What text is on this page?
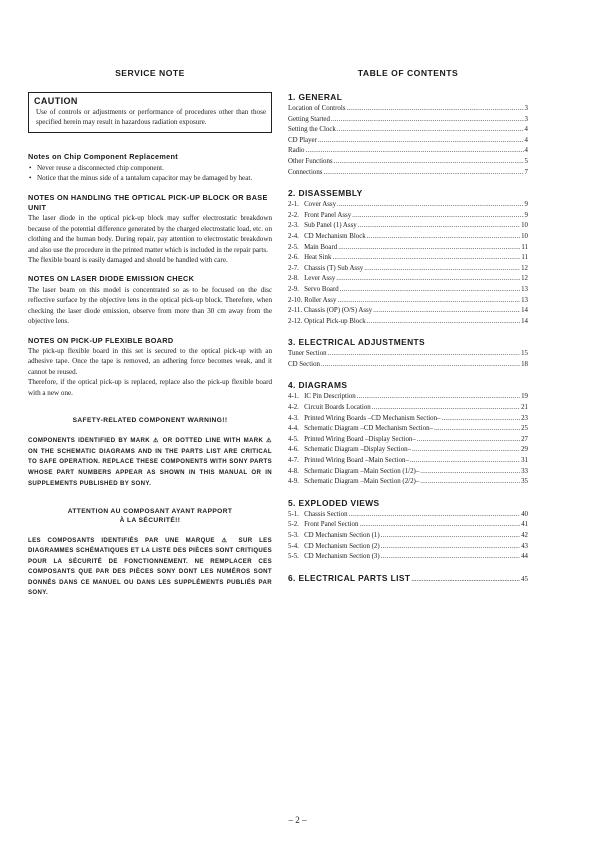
SERVICE NOTE
CAUTION

Use of controls or adjustments or performance of procedures other than those specified herein may result in hazardous radiation exposure.

Notes on Chip Component Replacement
• Never reuse a disconnected chip component.
• Notice that the minus side of a tantalum capacitor may be damaged by heat.
NOTES ON HANDLING THE OPTICAL PICK-UP BLOCK OR BASE UNIT

The laser diode in the optical pick-up block may suffer electrostatic breakdown because of the potential difference generated by the charged electrostatic load, etc. on clothing and the human body. During repair, pay attention to electrostatic breakdown and also use the procedure in the printed matter which is included in the repair parts.

The flexible board is easily damaged and should be handled with care.

NOTES ON LASER DIODE EMISSION CHECK

The laser beam on this model is concentrated so as to be focused on the disc reflective surface by the objective lens in the optical pick-up block. Therefore, when checking the laser diode emission, observe from more than 30 cm away from the objective lens.

NOTES ON PICK-UP FLEXIBLE BOARD

The pick-up flexible board in this set is secured to the optical pick-up with an adhesive tape. Once the tape is removed, an adhering force becomes weak, and it cannot be reused.

Therefore, if the optical pick-up is replaced, replace also the pick-up flexible board with a new one.

SAFETY-RELATED COMPONENT WARNING!!

COMPONENTS IDENTIFIED BY MARK ⚠ OR DOTTED LINE WITH MARK ⚠ ON THE SCHEMATIC DIAGRAMS AND IN THE PARTS LIST ARE CRITICAL TO SAFE OPERATION. REPLACE THESE COMPONENTS WITH SONY PARTS WHOSE PART NUMBERS APPEAR AS SHOWN IN THIS MANUAL OR IN SUPPLEMENTS PUBLISHED BY SONY.

ATTENTION AU COMPOSANT AYANT RAPPORT
À LA SÉCURITÉ!!

LES COMPOSANTS IDENTIFIÉS PAR UNE MARQUE ⚠ SUR LES DIAGRAMMES SCHÉMATIQUES ET LA LISTE DES PIÈCES SONT CRITIQUES POUR LA SÉCURITÉ DE FONCTIONNEMENT. NE REMPLACER CES COMPOSANTS QUE PAR DES PIÈCES SONY DONT LES NUMÉROS SONT DONNÉS DANS CE MANUEL OU DANS LES SUPPLÉMENTS PUBLIÉS PAR SONY.

TABLE OF CONTENTS
1. GENERAL
Location of Controls .....	3
Getting Started .....	3
Setting the Clock .....	4
CD Player .....	4
Radio .....	4
Other Functions .....	5
Connections .....	7
2. DISASSEMBLY
2-1.   Cover Assy .....	9
2-2.   Front Panel Assy .....	9
2-3.   Sub Panel (1) Assy .....	10
2-4.   CD Mechanism Block .....	10
2-5.   Main Board .....	11
2-6.   Heat Sink .....	11
2-7.   Chassis (T) Sub Assy .....	12
2-8.   Lever Assy .....	12
2-9.   Servo Board .....	13
2-10. Roller Assy .....	13
2-11. Chassis (OP) (O/S) Assy .....	14
2-12. Optical Pick-up Block .....	14
3. ELECTRICAL ADJUSTMENTS
Tuner Section .....	15
CD Section .....	18
4. DIAGRAMS
4-1.   IC Pin Description .....	19
4-2.   Circuit Boards Location .....	21
4-3.   Printed Wiring Boards –CD Mechanism Section– .....	23
4-4.   Schematic Diagram –CD Mechanism Section– .....	25
4-5.   Printed Wiring Board –Display Section– .....	27
4-6.   Schematic Diagram –Display Section– .....	29
4-7.   Printed Wiring Board –Main Section– .....	31
4-8.   Schematic Diagram –Main Section (1/2)– .....	33
4-9.   Schematic Diagram –Main Section (2/2)– .....	35
5. EXPLODED VIEWS
5-1.   Chassis Section .....	40
5-2.   Front Panel Section .....	41
5-3.   CD Mechanism Section (1) .....	42
5-4.   CD Mechanism Section (2) .....	43
5-5.   CD Mechanism Section (3) .....	44
6. ELECTRICAL PARTS LIST .....	45
– 2 –
